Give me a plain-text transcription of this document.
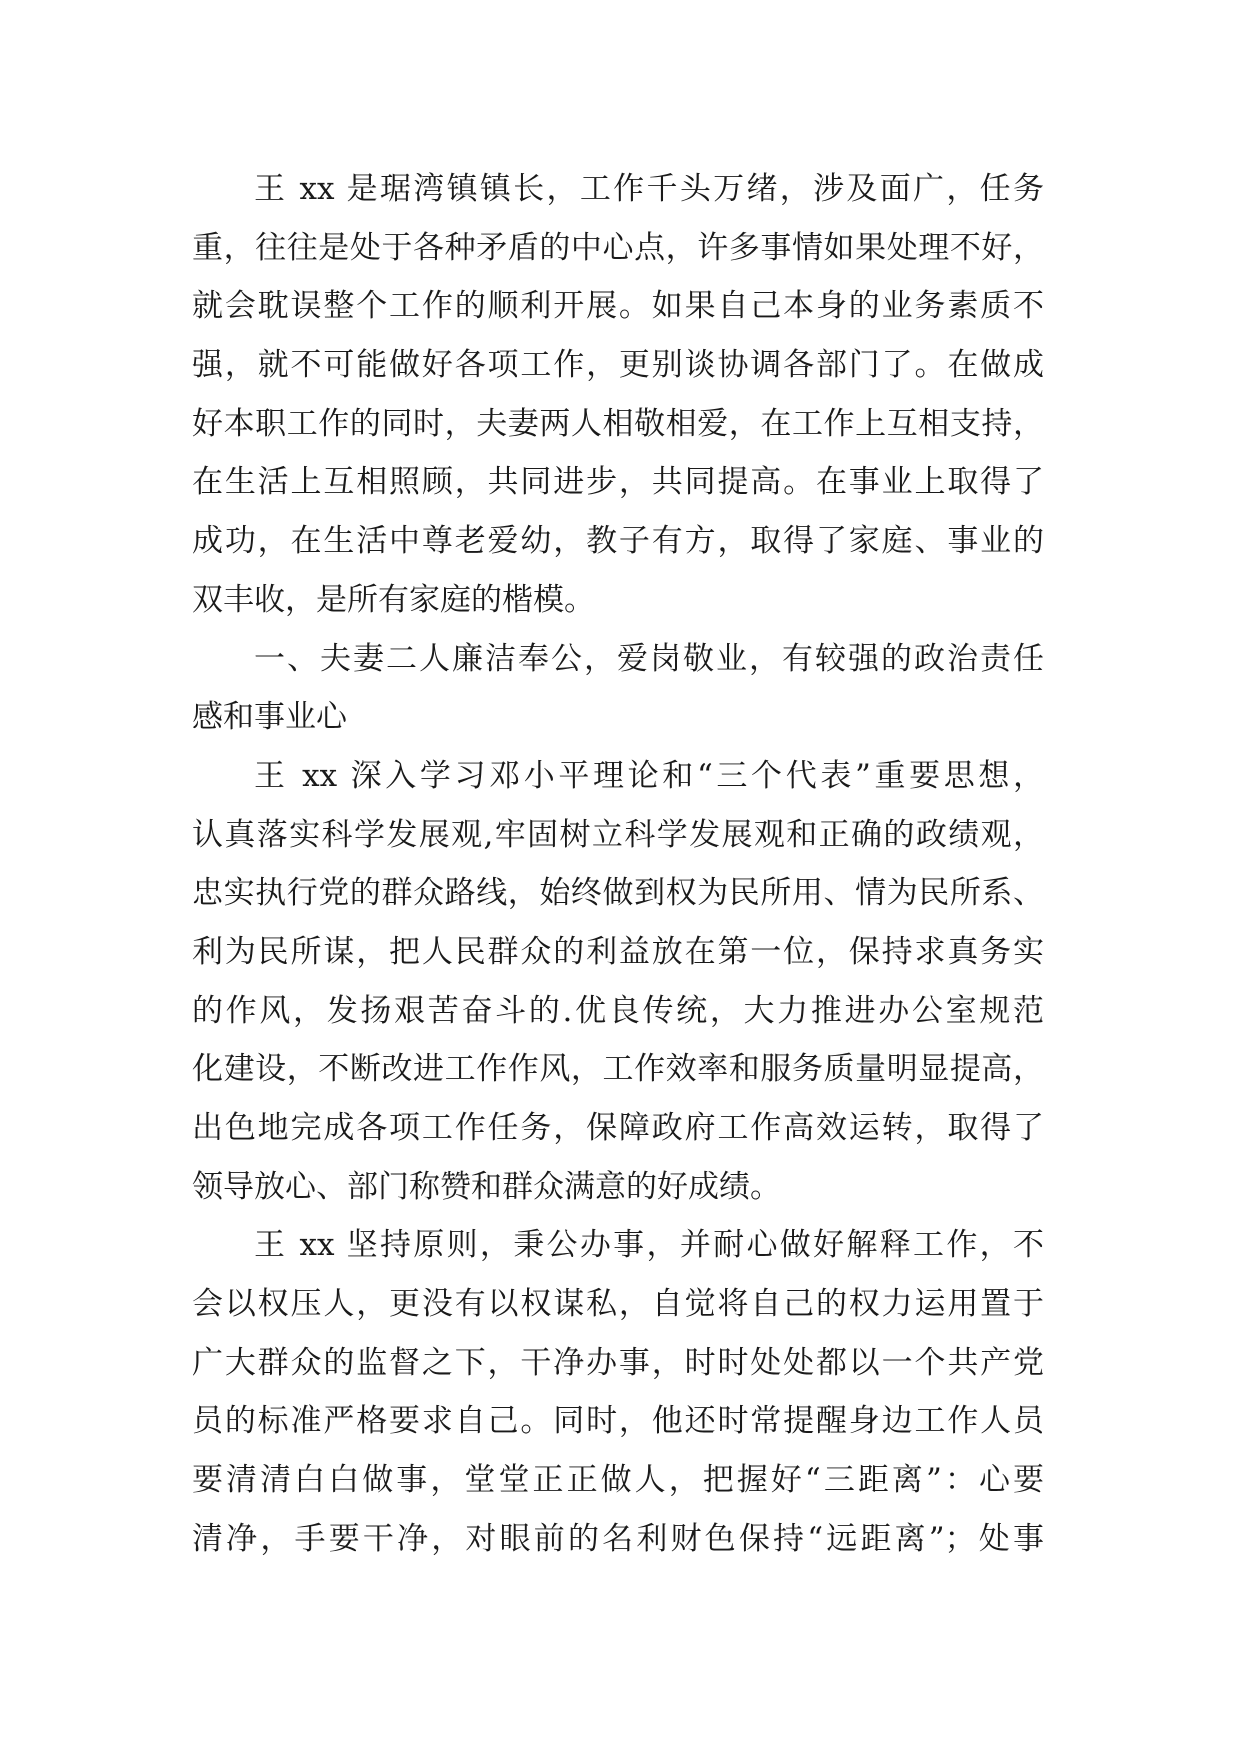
王 xx 是琚湾镇镇长，工作千头万绪，涉及面广，任务
重，往往是处于各种矛盾的中心点，许多事情如果处理不好，
就会耽误整个工作的顺利开展。如果自己本身的业务素质不
强，就不可能做好各项工作，更别谈协调各部门了。在做成
好本职工作的同时，夫妻两人相敬相爱，在工作上互相支持，
在生活上互相照顾，共同进步，共同提高。在事业上取得了
成功，在生活中尊老爱幼，教子有方，取得了家庭、事业的
双丰收，是所有家庭的楷模。
一、夫妻二人廉洁奉公，爱岗敬业，有较强的政治责任
感和事业心
王 xx 深入学习邓小平理论和“三个代表”重要思想，
认真落实科学发展观,牢固树立科学发展观和正确的政绩观，
忠实执行党的群众路线，始终做到权为民所用、情为民所系、
利为民所谋，把人民群众的利益放在第一位，保持求真务实
的作风，发扬艰苦奋斗的.优良传统，大力推进办公室规范
化建设，不断改进工作作风，工作效率和服务质量明显提高，
出色地完成各项工作任务，保障政府工作高效运转，取得了
领导放心、部门称赞和群众满意的好成绩。
王 xx 坚持原则，秉公办事，并耐心做好解释工作，不
会以权压人，更没有以权谋私，自觉将自己的权力运用置于
广大群众的监督之下，干净办事，时时处处都以一个共产党
员的标准严格要求自己。同时，他还时常提醒身边工作人员
要清清白白做事，堂堂正正做人，把握好“三距离”：心要
清净，手要干净，对眼前的名利财色保持“远距离”；处事
